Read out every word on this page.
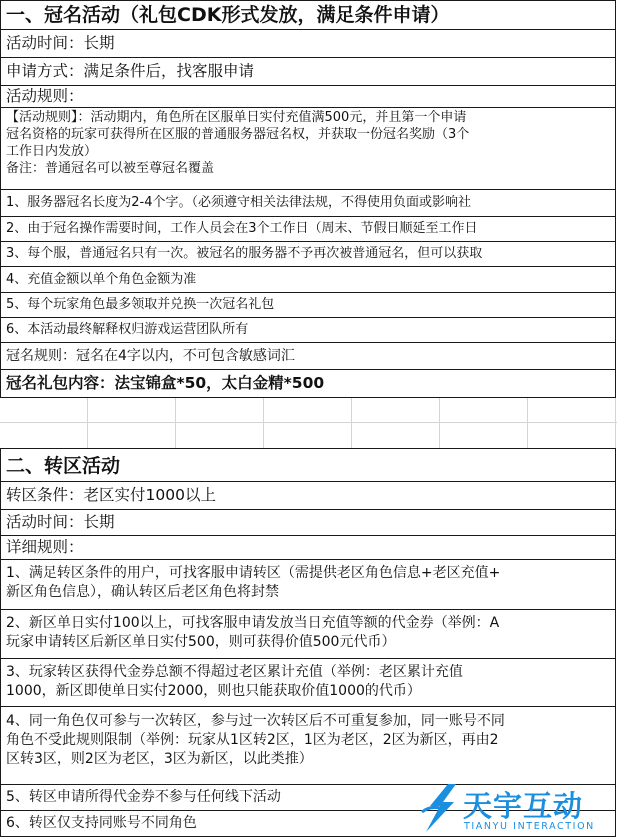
一、冠名活动（礼包CDK形式发放，满足条件申请）
活动时间：长期
申请方式：满足条件后，找客服申请
活动规则：
【活动规则】：活动期内，角色所在区服单日实付充值满500元，并且第一个申请
冠名资格的玩家可获得所在区服的普通服务器冠名权，并获取一份冠名奖励（3个
工作日内发放）
备注：普通冠名可以被至尊冠名覆盖
1、服务器冠名长度为2-4个字。（必须遵守相关法律法规，不得使用负面或影响社
2、由于冠名操作需要时间，工作人员会在3个工作日（周末、节假日顺延至工作日
3、每个服，普通冠名只有一次。被冠名的服务器不予再次被普通冠名，但可以获取
4、充值金额以单个角色金额为准
5、每个玩家角色最多领取并兑换一次冠名礼包
6、本活动最终解释权归游戏运营团队所有
冠名规则：冠名在4字以内，不可包含敏感词汇
冠名礼包内容：法宝锦盒*50，太白金精*500
二、转区活动
转区条件：老区实付1000以上
活动时间：长期
详细规则：
1、满足转区条件的用户，可找客服申请转区（需提供老区角色信息+老区充值+
新区角色信息），确认转区后老区角色将封禁
2、新区单日实付100以上，可找客服申请发放当日充值等额的代金券（举例：A
玩家申请转区后新区单日实付500，则可获得价值500元代币）
3、玩家转区获得代金券总额不得超过老区累计充值（举例：老区累计充值
1000，新区即使单日实付2000，则也只能获取价值1000的代币）
4、同一角色仅可参与一次转区，参与过一次转区后不可重复参加，同一账号不同
角色不受此规则限制（举例：玩家从1区转2区，1区为老区，2区为新区，再由2
区转3区，则2区为老区，3区为新区，以此类推）
5、转区申请所得代金券不参与任何线下活动
6、转区仅支持同账号不同角色	天宇互动
TIANYU INTERACTION
